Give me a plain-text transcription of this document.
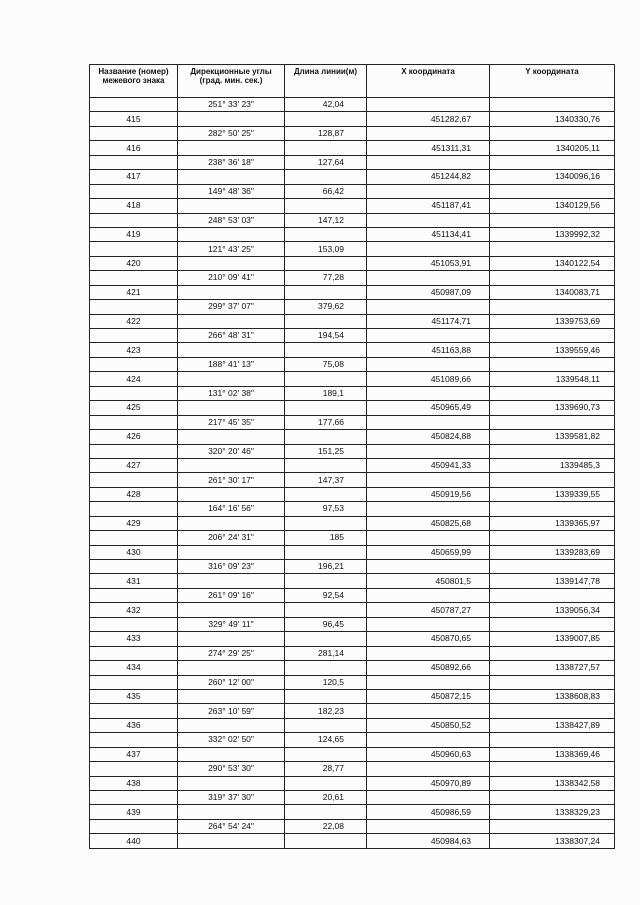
Название (номер) межевого знака	Дирекционные углы (град. мин. сек.)	Длина линии(м)	X координата	Y координата
	251° 33' 23"	42,04		
415			451282,67	1340330,76
	282° 50' 25"	128,87		
416			451311,31	1340205,11
	238° 36' 18"	127,64		
417			451244,82	1340096,16
	149° 48' 36"	66,42		
418			451187,41	1340129,56
	248° 53' 03"	147,12		
419			451134,41	1339992,32
	121° 43' 25"	153,09		
420			451053,91	1340122,54
	210° 09' 41"	77,28		
421			450987,09	1340083,71
	299° 37' 07"	379,62		
422			451174,71	1339753,69
	266° 48' 31"	194,54		
423			451163,88	1339559,46
	188° 41' 13"	75,08		
424			451089,66	1339548,11
	131° 02' 38"	189,1		
425			450965,49	1339690,73
	217° 45' 35"	177,66		
426			450824,88	1339581,82
	320° 20' 46"	151,25		
427			450941,33	1339485,3
	261° 30' 17"	147,37		
428			450919,56	1339339,55
	164° 16' 56"	97,53		
429			450825,68	1339365,97
	206° 24' 31"	185		
430			450659,99	1339283,69
	316° 09' 23"	196,21		
431			450801,5	1339147,78
	261° 09' 16"	92,54		
432			450787,27	1339056,34
	329° 49' 11"	96,45		
433			450870,65	1339007,85
	274° 29' 25"	281,14		
434			450892,66	1338727,57
	260° 12' 00"	120,5		
435			450872,15	1338608,83
	263° 10' 59"	182,23		
436			450850,52	1338427,89
	332° 02' 50"	124,65		
437			450960,63	1338369,46
	290° 53' 30"	28,77		
438			450970,89	1338342,58
	319° 37' 30"	20,61		
439			450986,59	1338329,23
	264° 54' 24"	22,08		
440			450984,63	1338307,24
